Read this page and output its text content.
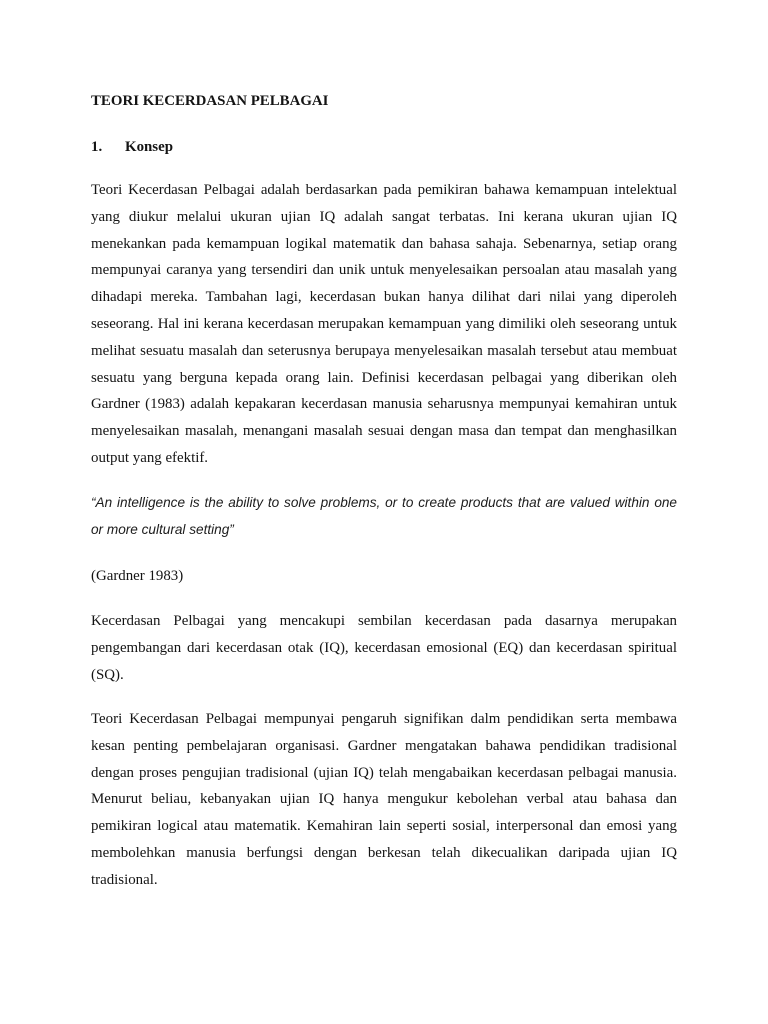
TEORI KECERDASAN PELBAGAI
1. Konsep
Teori Kecerdasan Pelbagai adalah berdasarkan pada pemikiran bahawa kemampuan intelektual
yang diukur melalui ukuran ujian IQ adalah sangat terbatas. Ini kerana ukuran ujian IQ
menekankan pada kemampuan logikal matematik dan bahasa sahaja. Sebenarnya, setiap orang
mempunyai caranya yang tersendiri dan unik untuk menyelesaikan persoalan atau masalah yang
dihadapi mereka. Tambahan lagi, kecerdasan bukan hanya dilihat dari nilai yang diperoleh
seseorang. Hal ini kerana kecerdasan merupakan kemampuan yang dimiliki oleh seseorang untuk
melihat sesuatu masalah dan seterusnya berupaya menyelesaikan masalah tersebut atau membuat
sesuatu yang berguna kepada orang lain. Definisi kecerdasan pelbagai yang diberikan oleh
Gardner (1983) adalah kepakaran kecerdasan manusia seharusnya mempunyai kemahiran untuk
menyelesaikan masalah, menangani masalah sesuai dengan masa dan tempat dan menghasilkan
output yang efektif.
“An intelligence is the ability to solve problems, or to create products that are valued within one
or more cultural setting”
(Gardner 1983)
Kecerdasan Pelbagai yang mencakupi sembilan kecerdasan pada dasarnya merupakan
pengembangan dari kecerdasan otak (IQ), kecerdasan emosional (EQ) dan kecerdasan spiritual
(SQ).
Teori Kecerdasan Pelbagai mempunyai pengaruh signifikan dalm pendidikan serta membawa
kesan penting pembelajaran organisasi. Gardner mengatakan bahawa pendidikan tradisional
dengan proses pengujian tradisional (ujian IQ) telah mengabaikan kecerdasan pelbagai manusia.
Menurut beliau, kebanyakan ujian IQ hanya mengukur kebolehan verbal atau bahasa dan
pemikiran logical atau matematik. Kemahiran lain seperti sosial, interpersonal dan emosi yang
membolehkan manusia berfungsi dengan berkesan telah dikecualikan daripada ujian IQ
tradisional.
